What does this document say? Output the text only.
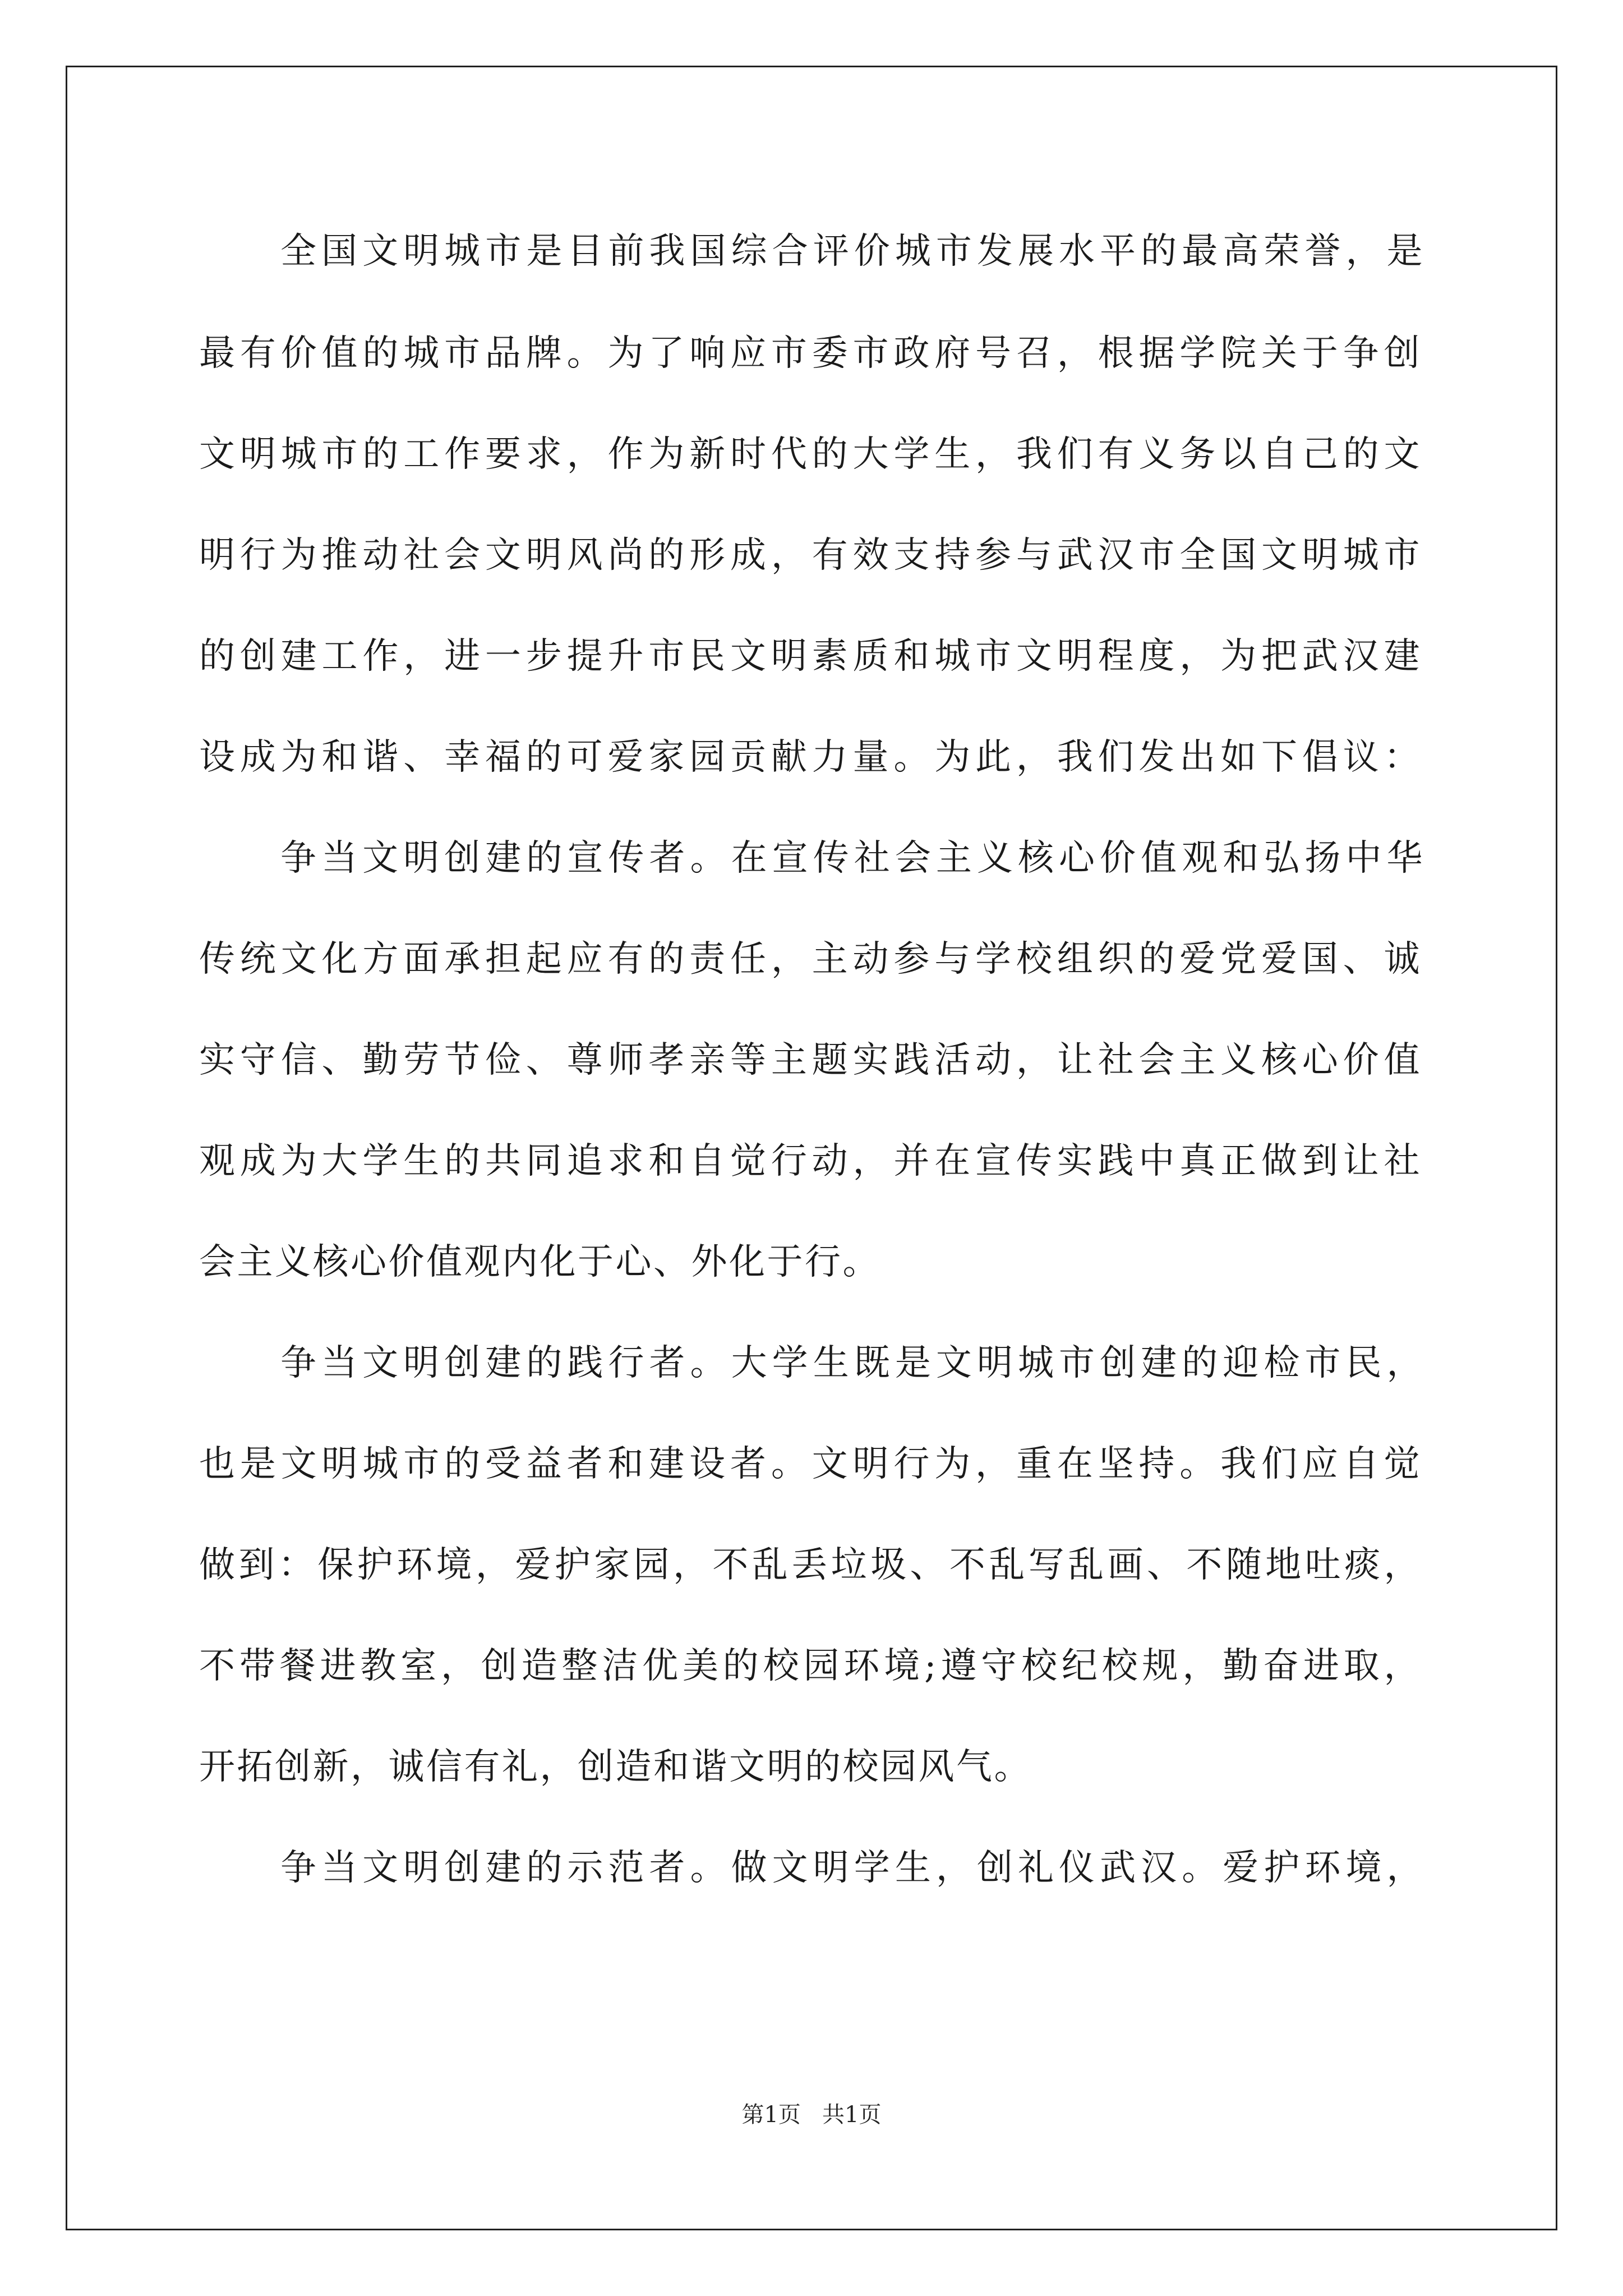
全国文明城市是目前我国综合评价城市发展水平的最高荣誉，是
最有价值的城市品牌。为了响应市委市政府号召，根据学院关于争创
文明城市的工作要求，作为新时代的大学生，我们有义务以自己的文
明行为推动社会文明风尚的形成，有效支持参与武汉市全国文明城市
的创建工作，进一步提升市民文明素质和城市文明程度，为把武汉建
设成为和谐、幸福的可爱家园贡献力量。为此，我们发出如下倡议：
争当文明创建的宣传者。在宣传社会主义核心价值观和弘扬中华
传统文化方面承担起应有的责任，主动参与学校组织的爱党爱国、诚
实守信、勤劳节俭、尊师孝亲等主题实践活动，让社会主义核心价值
观成为大学生的共同追求和自觉行动，并在宣传实践中真正做到让社
会主义核心价值观内化于心、外化于行。
争当文明创建的践行者。大学生既是文明城市创建的迎检市民，
也是文明城市的受益者和建设者。文明行为，重在坚持。我们应自觉
做到：保护环境，爱护家园，不乱丢垃圾、不乱写乱画、不随地吐痰，
不带餐进教室，创造整洁优美的校园环境;遵守校纪校规，勤奋进取，
开拓创新，诚信有礼，创造和谐文明的校园风气。
争当文明创建的示范者。做文明学生，创礼仪武汉。爱护环境，
第1页   共1页
